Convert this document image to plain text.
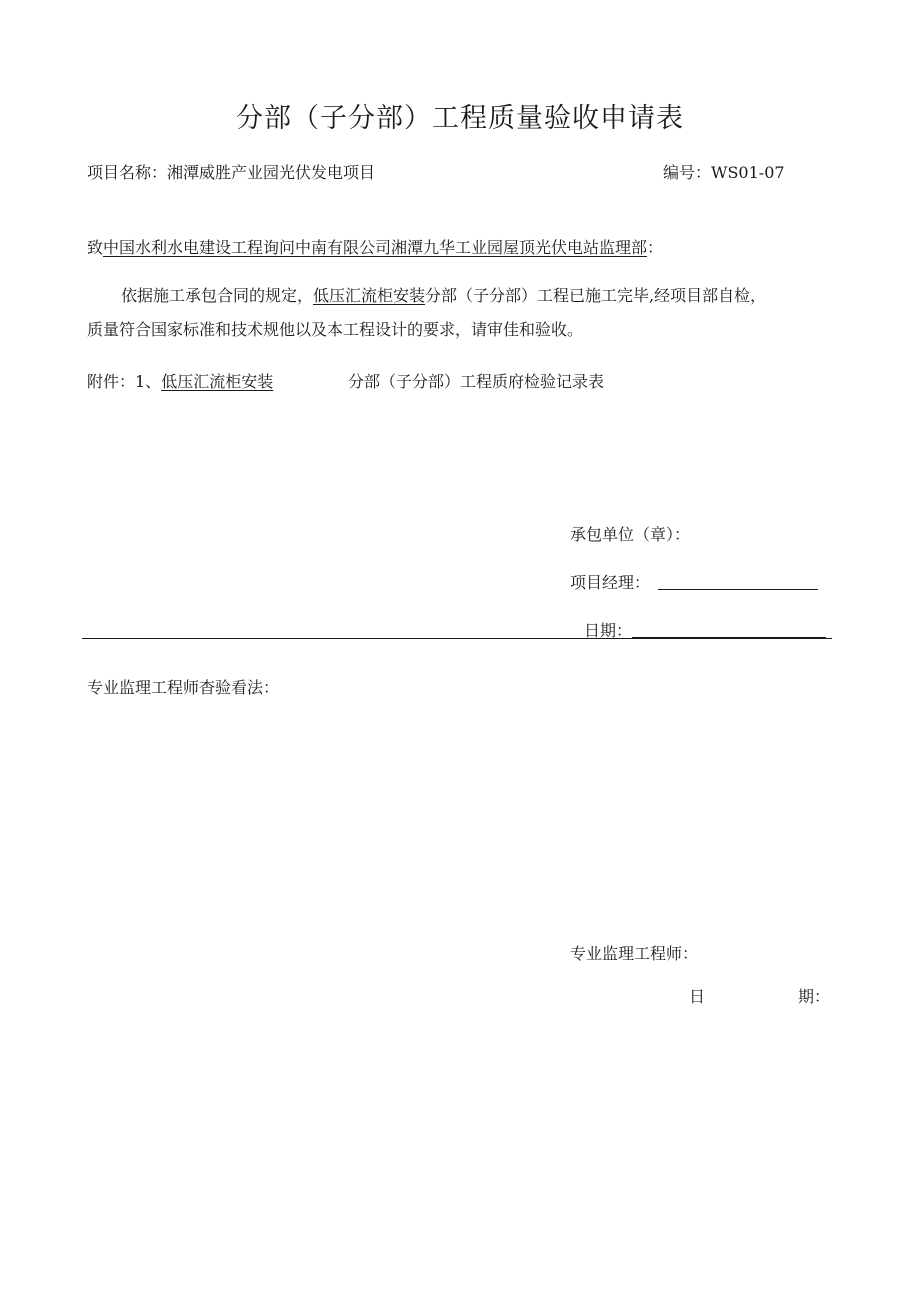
分部（子分部）工程质量验收申请表
项目名称：湘潭威胜产业园光伏发电项目	编号：WS01-07
致中国水利水电建设工程询问中南有限公司湘潭九华工业园屋顶光伏电站监理部：
依据施工承包合同的规定，低压汇流柜安装分部（子分部）工程已施工完毕,经项目部自检，
质量符合国家标准和技术规他以及本工程设计的要求，请审佳和验收。
附件：1、低压汇流柜安装	分部（子分部）工程质府检验记录表
承包单位（章）：
项目经理：
日期：
专业监理工程师杳验看法：
专业监理工程师：
日	期：
